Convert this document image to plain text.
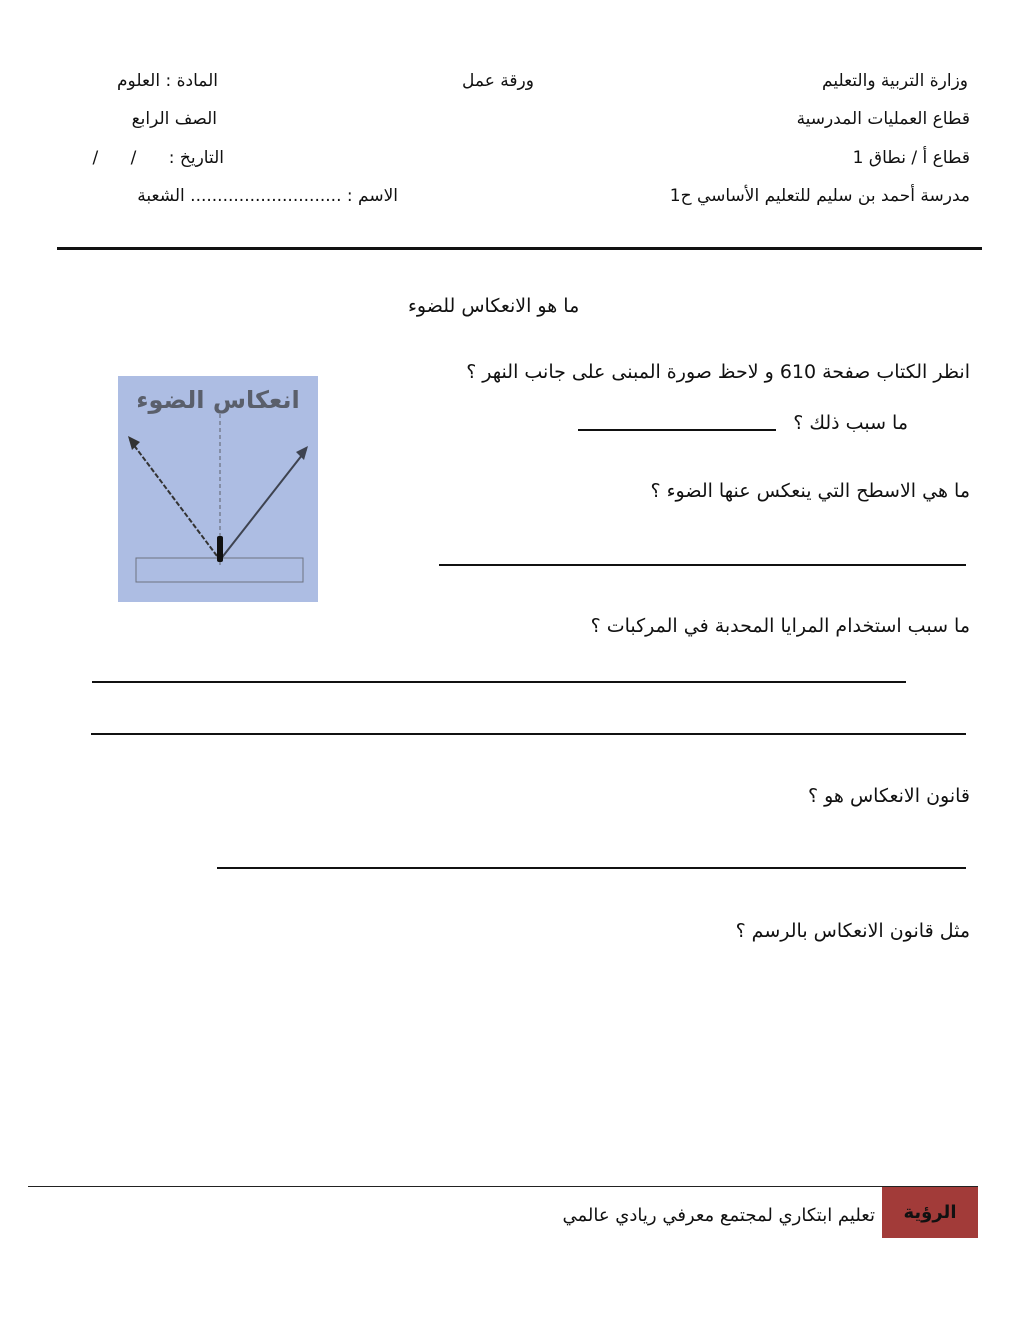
وزارة التربية والتعليم
قطاع العمليات المدرسية
قطاع أ / نطاق 1
مدرسة أحمد بن سليم للتعليم الأساسي ح1
ورقة عمل
المادة : العلوم
الصف الرابع
التاريخ :      /      /
الاسم : ............................ الشعبة
ما هو الانعكاس للضوء
انعكاس الضوء
انظر الكتاب صفحة 610 و لاحظ صورة المبنى على جانب النهر ؟
ما سبب ذلك ؟
ما هي الاسطح التي ينعكس عنها الضوء ؟
ما سبب استخدام المرايا المحدبة في المركبات ؟
قانون الانعكاس هو ؟
مثل قانون الانعكاس بالرسم ؟
الرؤية
تعليم ابتكاري لمجتمع معرفي ريادي عالمي
